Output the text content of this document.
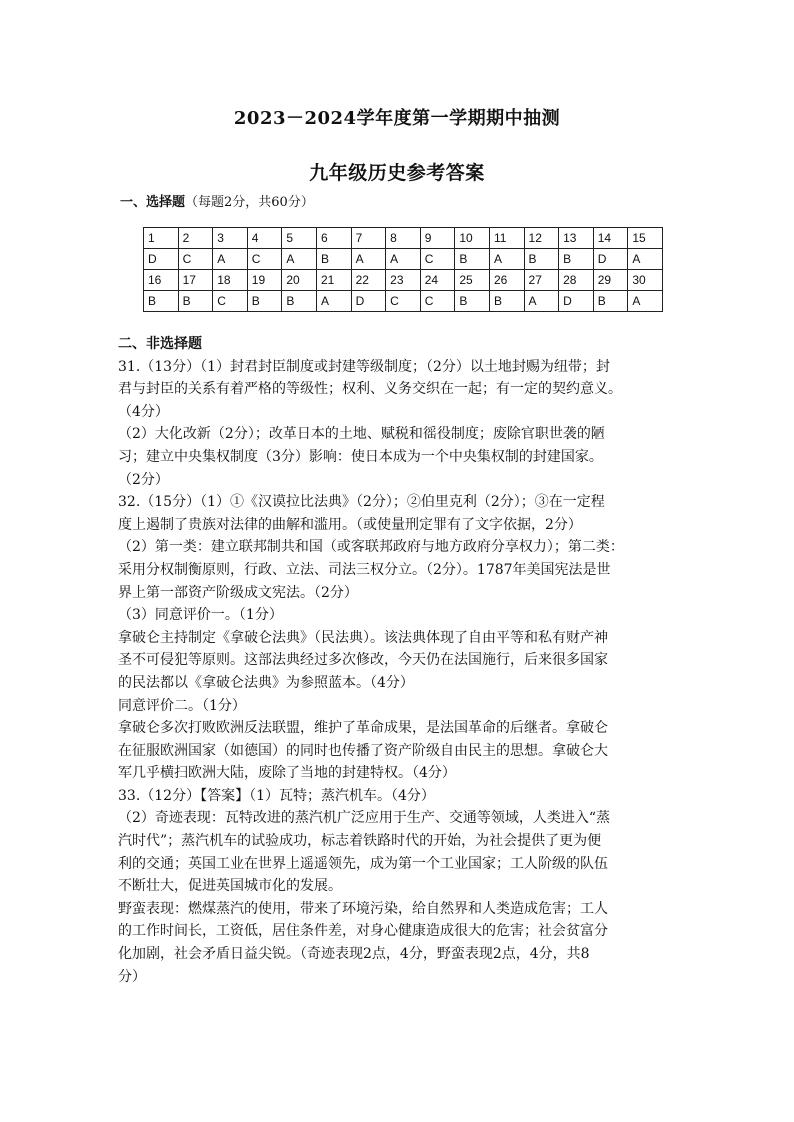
2023－2024学年度第一学期期中抽测
九年级历史参考答案
一、选择题（每题2分，共60分）
1	2	3	4	5	6	7	8	9	10	11	12	13	14	15
D	C	A	C	A	B	A	A	C	B	A	B	B	D	A
16	17	18	19	20	21	22	23	24	25	26	27	28	29	30
B	B	C	B	B	A	D	C	C	B	B	A	D	B	A

二、非选择题

31.（13分）（1）封君封臣制度或封建等级制度；（2分）以土地封赐为纽带；封

君与封臣的关系有着严格的等级性；权利、义务交织在一起；有一定的契约意义。

（4分）

（2）大化改新（2分）；改革日本的土地、赋税和徭役制度；废除官职世袭的陋

习；建立中央集权制度（3分）影响：使日本成为一个中央集权制的封建国家。

（2分）

32.（15分）（1）①《汉谟拉比法典》（2分）；②伯里克利（2分）；③在一定程

度上遏制了贵族对法律的曲解和滥用。（或使量刑定罪有了文字依据，2分）

（2）第一类：建立联邦制共和国（或客联邦政府与地方政府分享权力）；第二类：

采用分权制衡原则，行政、立法、司法三权分立。（2分）。1787年美国宪法是世

界上第一部资产阶级成文宪法。（2分）

（3）同意评价一。（1分）

拿破仑主持制定《拿破仑法典》（民法典）。该法典体现了自由平等和私有财产神

圣不可侵犯等原则。这部法典经过多次修改，今天仍在法国施行，后来很多国家

的民法都以《拿破仑法典》为参照蓝本。（4分）

同意评价二。（1分）

拿破仑多次打败欧洲反法联盟，维护了革命成果，是法国革命的后继者。拿破仑

在征服欧洲国家（如德国）的同时也传播了资产阶级自由民主的思想。拿破仑大

军几乎横扫欧洲大陆，废除了当地的封建特权。（4分）

33.（12分）【答案】（1）瓦特；蒸汽机车。（4分）

（2）奇迹表现：瓦特改进的蒸汽机广泛应用于生产、交通等领域，人类进入“蒸

汽时代”；蒸汽机车的试验成功，标志着铁路时代的开始，为社会提供了更为便

利的交通；英国工业在世界上遥遥领先，成为第一个工业国家；工人阶级的队伍

不断壮大，促进英国城市化的发展。

野蛮表现：燃煤蒸汽的使用，带来了环境污染，给自然界和人类造成危害；工人

的工作时间长，工资低，居住条件差，对身心健康造成很大的危害；社会贫富分

化加剧，社会矛盾日益尖锐。（奇迹表现2点，4分，野蛮表现2点，4分，共8

分）
